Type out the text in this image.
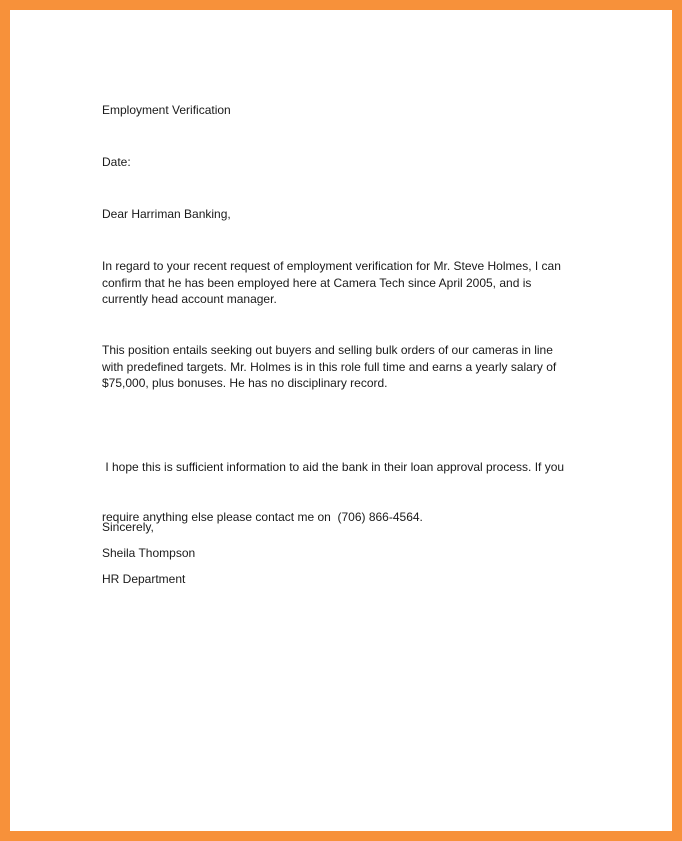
Employment Verification
Date:
Dear Harriman Banking,
In regard to your recent request of employment verification for Mr. Steve Holmes, I can
confirm that he has been employed here at Camera Tech since April 2005, and is
currently head account manager.
This position entails seeking out buyers and selling bulk orders of our cameras in line
with predefined targets. Mr. Holmes is in this role full time and earns a yearly salary of
$75,000, plus bonuses. He has no disciplinary record.

I hope this is sufficient information to aid the bank in their loan approval process. If you

require anything else please contact me on  (706) 866-4564.

Sincerely,
Sheila Thompson
HR Department
